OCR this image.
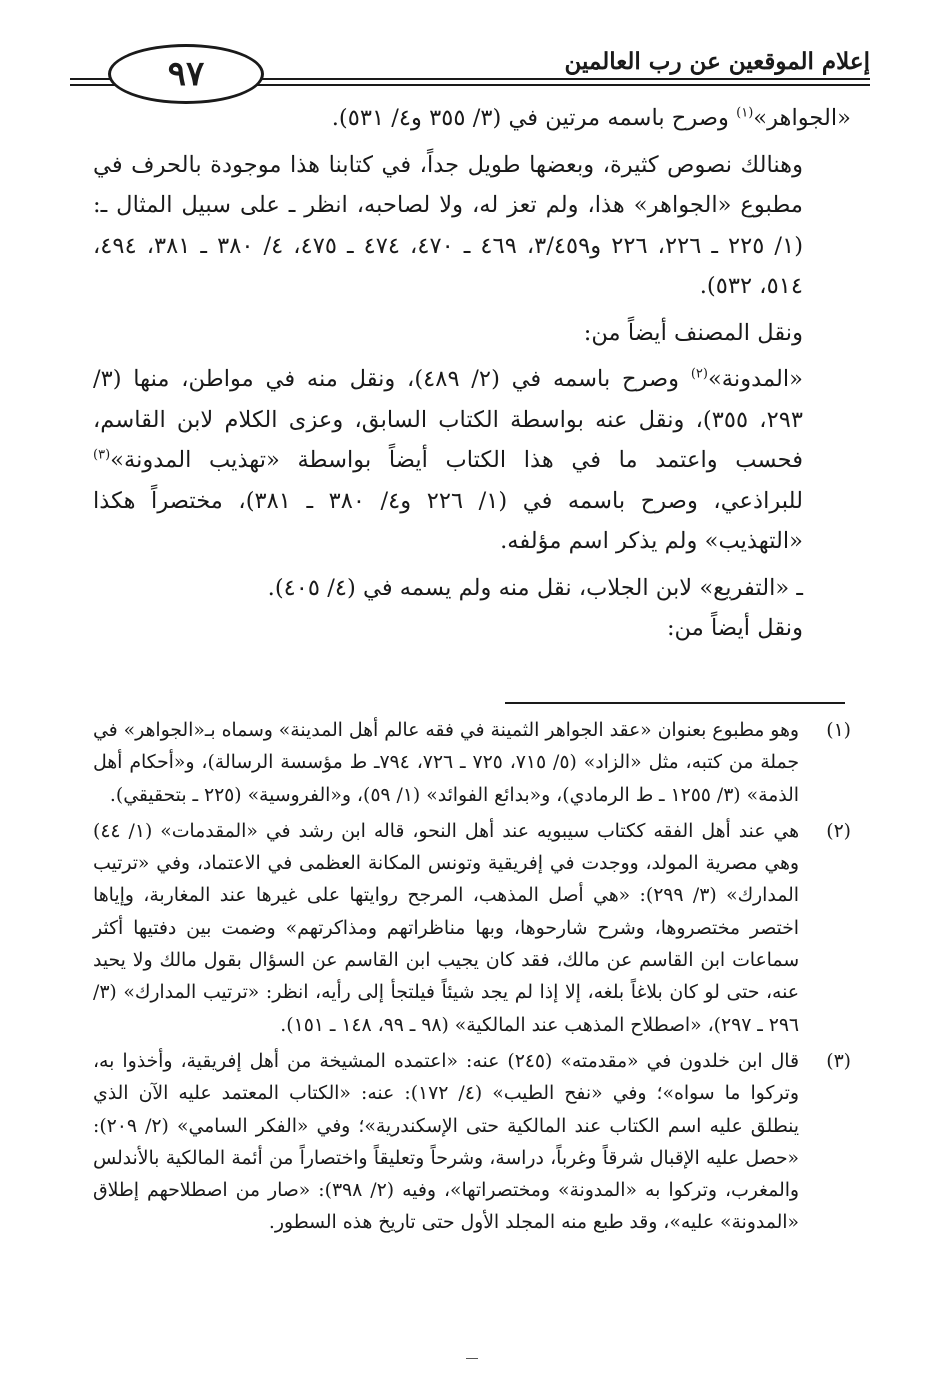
٩٧	إعلام الموقعين عن رب العالمين

«الجواهر»$^{(١)}$ وصرح باسمه مرتين في (٣/ ٣٥٥ و٤/ ٥٣١).

وهنالك نصوص كثيرة، وبعضها طويل جداً، في كتابنا هذا موجودة بالحرف في مطبوع «الجواهر» هذا، ولم تعز له، ولا لصاحبه، انظر ـ على سبيل المثال ـ: (١/ ٢٢٥ ـ ٢٢٦، ٢٢٦ و٣/٤٥٩، ٤٦٩ ـ ٤٧٠، ٤٧٤ ـ ٤٧٥، ٤/ ٣٨٠ ـ ٣٨١، ٤٩٤، ٥١٤، ٥٣٢).

ونقل المصنف أيضاً من:

«المدونة»$^{(٢)}$ وصرح باسمه في (٢/ ٤٨٩)، ونقل منه في مواطن، منها (٣/ ٢٩٣، ٣٥٥)، ونقل عنه بواسطة الكتاب السابق، وعزى الكلام لابن القاسم، فحسب واعتمد ما في هذا الكتاب أيضاً بواسطة «تهذيب المدونة»$^{(٣)}$ للبراذعي، وصرح باسمه في (١/ ٢٢٦ و٤/ ٣٨٠ ـ ٣٨١)، مختصراً هكذا «التهذيب» ولم يذكر اسم مؤلفه.

ـ «التفريع» لابن الجلاب، نقل منه ولم يسمه في (٤/ ٤٠٥).

ونقل أيضاً من:

(١)
وهو مطبوع بعنوان «عقد الجواهر الثمينة في فقه عالم أهل المدينة» وسماه بـ«الجواهر» في جملة من كتبه، مثل «الزاد» (٥/ ٧١٥، ٧٢٥ ـ ٧٢٦، ٧٩٤ـ ط مؤسسة الرسالة)، و«أحكام أهل الذمة» (٣/ ١٢٥٥ ـ ط الرمادي)، و«بدائع الفوائد» (١/ ٥٩)، و«الفروسية» (٢٢٥ ـ بتحقيقي).
(٢)
هي عند أهل الفقه ككتاب سيبويه عند أهل النحو، قاله ابن رشد في «المقدمات» (١/ ٤٤) وهي مصرية المولد، ووجدت في إفريقية وتونس المكانة العظمى في الاعتماد، وفي «ترتيب المدارك» (٣/ ٢٩٩): «هي أصل المذهب، المرجح روايتها على غيرها عند المغاربة، وإياها اختصر مختصروها، وشرح شارحوها، وبها مناظراتهم ومذاكرتهم» وضمت بين دفتيها أكثر سماعات ابن القاسم عن مالك، فقد كان يجيب ابن القاسم عن السؤال بقول مالك ولا يحيد عنه، حتى لو كان بلاغاً بلغه، إلا إذا لم يجد شيئاً فيلتجأ إلى رأيه، انظر: «ترتيب المدارك» (٣/ ٢٩٦ ـ ٢٩٧)، «اصطلاح المذهب عند المالكية» (٩٨ ـ ٩٩، ١٤٨ ـ ١٥١).
(٣)
قال ابن خلدون في «مقدمته» (٢٤٥) عنه: «اعتمده المشيخة من أهل إفريقية، وأخذوا به، وتركوا ما سواه»؛ وفي «نفح الطيب» (٤/ ١٧٢): عنه: «الكتاب المعتمد عليه الآن الذي ينطلق عليه اسم الكتاب عند المالكية حتى الإسكندرية»؛ وفي «الفكر السامي» (٢/ ٢٠٩): «حصل عليه الإقبال شرقاً وغرباً، دراسة، وشرحاً وتعليقاً واختصاراً من أئمة المالكية بالأندلس والمغرب، وتركوا به «المدونة» ومختصراتها»، وفيه (٢/ ٣٩٨): «صار من اصطلاحهم إطلاق «المدونة» عليه»، وقد طبع منه المجلد الأول حتى تاريخ هذه السطور.
